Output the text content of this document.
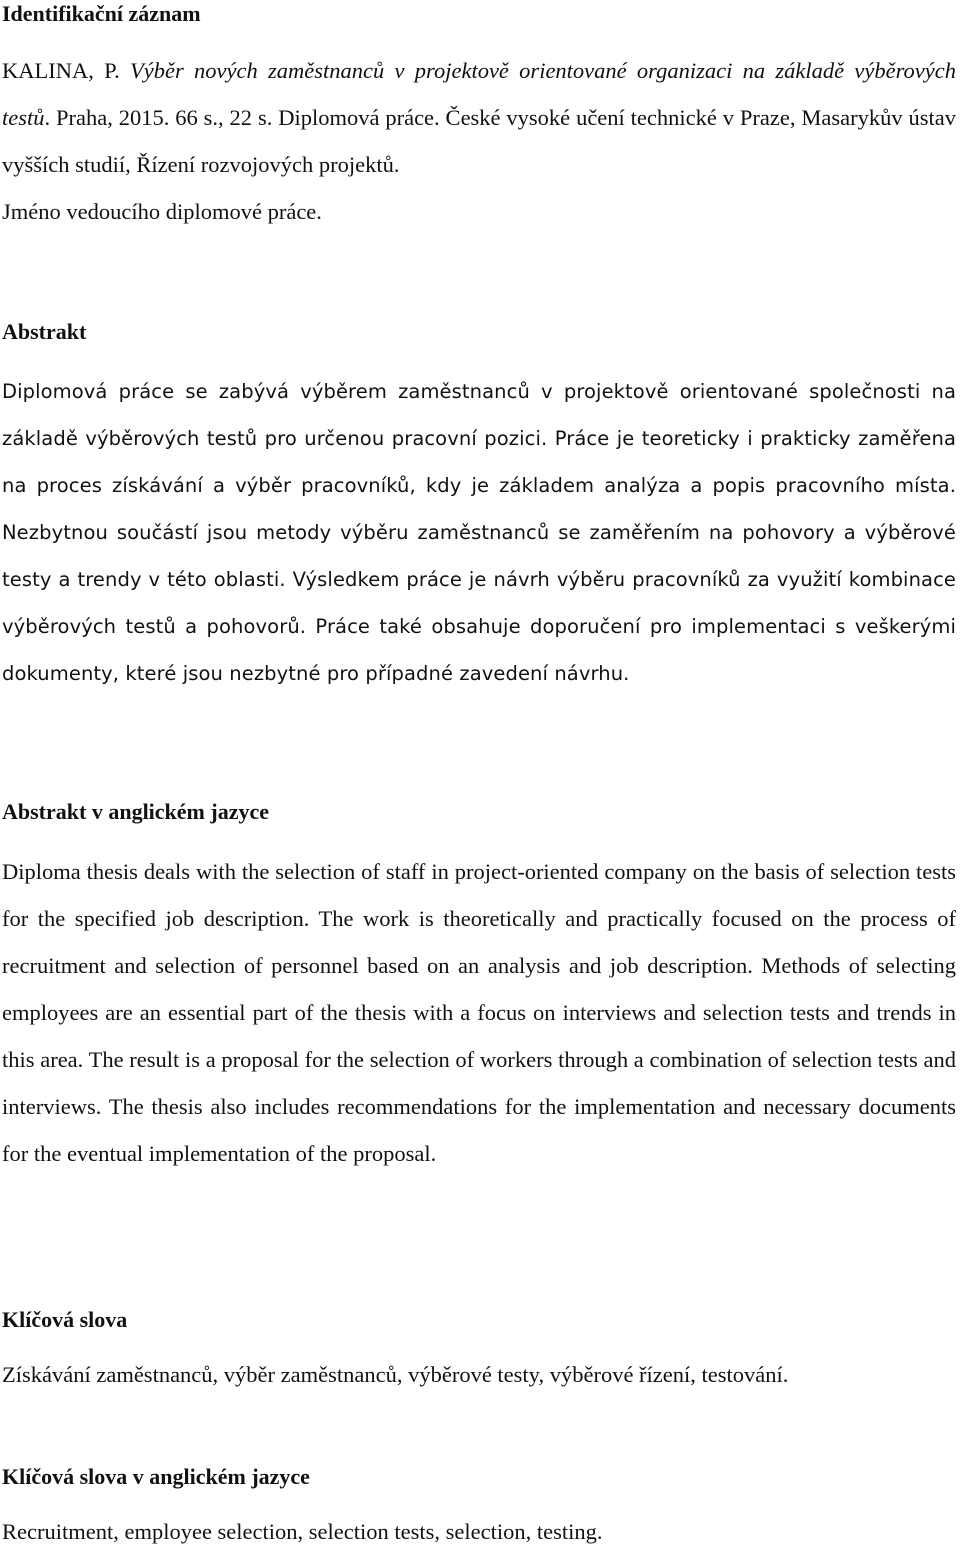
Identifikační záznam

KALINA, P. Výběr nových zaměstnanců v projektově orientované organizaci na základě výběrových testů. Praha, 2015. 66 s., 22 s. Diplomová práce. České vysoké učení technické v Praze, Masarykův ústav vyšších studií, Řízení rozvojových projektů.

Jméno vedoucího diplomové práce.

Abstrakt

Diplomová práce se zabývá výběrem zaměstnanců v projektově orientované společnosti na základě výběrových testů pro určenou pracovní pozici. Práce je teoreticky i prakticky zaměřena na proces získávání a výběr pracovníků, kdy je základem analýza a popis pracovního místa. Nezbytnou součástí jsou metody výběru zaměstnanců se zaměřením na pohovory a výběrové testy a trendy v této oblasti. Výsledkem práce je návrh výběru pracovníků za využití kombinace výběrových testů a pohovorů. Práce také obsahuje doporučení pro implementaci s veškerými dokumenty, které jsou nezbytné pro případné zavedení návrhu.

Abstrakt v anglickém jazyce

Diploma thesis deals with the selection of staff in project-oriented company on the basis of selection tests for the specified job description. The work is theoretically and practically focused on the process of recruitment and selection of personnel based on an analysis and job description. Methods of selecting employees are an essential part of the thesis with a focus on interviews and selection tests and trends in this area. The result is a proposal for the selection of workers through a combination of selection tests and interviews. The thesis also includes recommendations for the implementation and necessary documents for the eventual implementation of the proposal.

Klíčová slova

Získávání zaměstnanců, výběr zaměstnanců, výběrové testy, výběrové řízení, testování.

Klíčová slova v anglickém jazyce

Recruitment, employee selection, selection tests, selection, testing.
